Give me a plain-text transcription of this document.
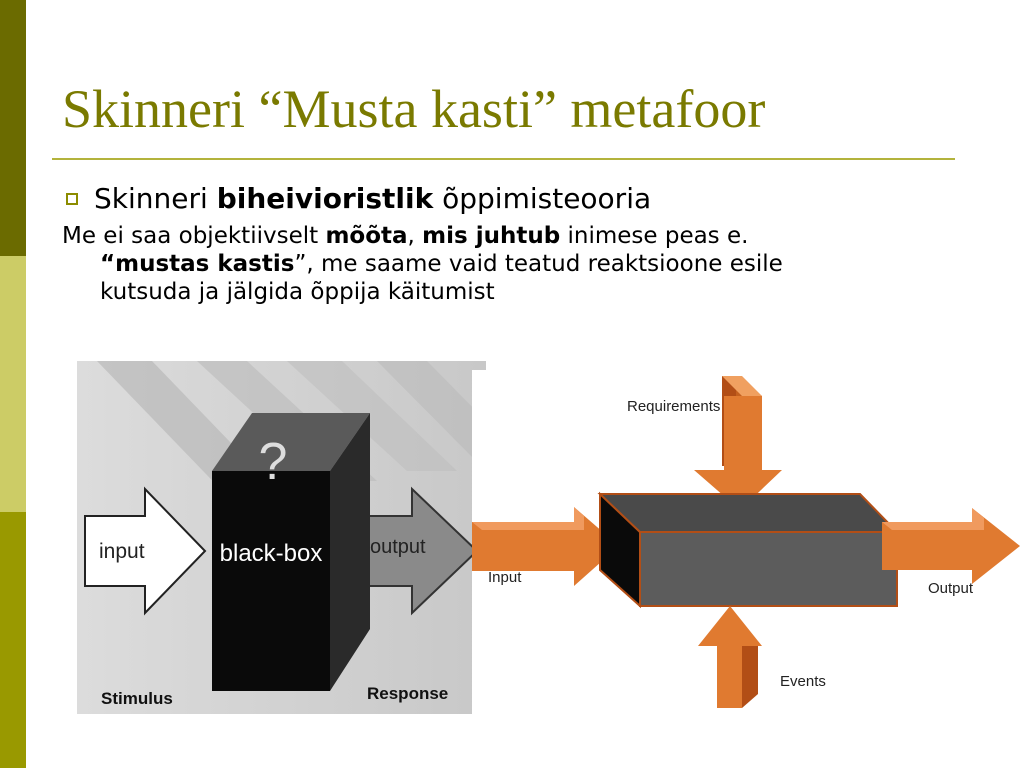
Skinneri “Musta kasti” metafoor
Skinneri biheivioristlik õppimisteooria
Me ei saa objektiivselt mõõta, mis juhtub inimese peas e.
“mustas kastis”, me saame vaid teatud reaktsioone esile
kutsuda ja jälgida õppija käitumist
input	output
?
black-box
Stimulus	Response
Requirements
Input
Output
Events
